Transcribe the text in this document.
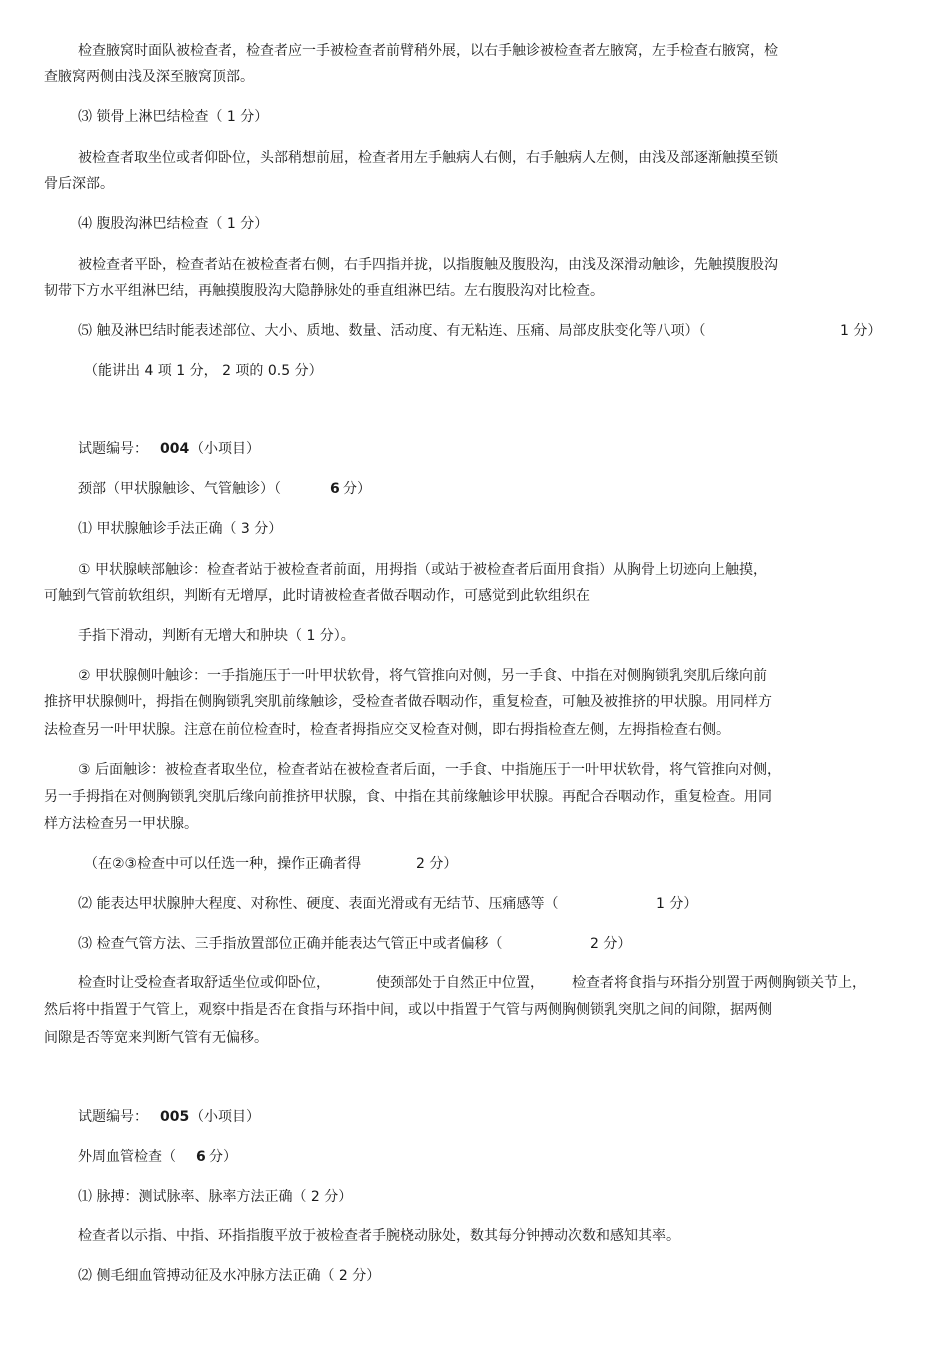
检查腋窝时面队被检查者，检查者应一手被检查者前臂稍外展，以右手触诊被检查者左腋窝，左手检查右腋窝，检
查腋窝两侧由浅及深至腋窝顶部。
⑶ 锁骨上淋巴结检查（ 1 分）
被检查者取坐位或者仰卧位，头部稍想前屈，检查者用左手触病人右侧，右手触病人左侧，由浅及部逐渐触摸至锁
骨后深部。
⑷ 腹股沟淋巴结检查（ 1 分）
被检查者平卧，检查者站在被检查者右侧，右手四指并拢，以指腹触及腹股沟，由浅及深滑动触诊，先触摸腹股沟
韧带下方水平组淋巴结，再触摸腹股沟大隐静脉处的垂直组淋巴结。左右腹股沟对比检查。
⑸ 触及淋巴结时能表述部位、大小、质地、数量、活动度、有无粘连、压痛、局部皮肤变化等八项）（	1 分）
（能讲出 4 项 1 分， 2 项的 0.5 分）
试题编号： 004 （小项目）
颈部（甲状腺触诊、气管触诊）（	6 分）
⑴ 甲状腺触诊手法正确（ 3 分）
① 甲状腺峡部触诊：检查者站于被检查者前面，用拇指（或站于被检查者后面用食指）从胸骨上切迹向上触摸，
可触到气管前软组织，判断有无增厚，此时请被检查者做吞咽动作，可感觉到此软组织在
手指下滑动，判断有无增大和肿块（ 1 分）。
② 甲状腺侧叶触诊：一手指施压于一叶甲状软骨，将气管推向对侧，另一手食、中指在对侧胸锁乳突肌后缘向前
推挤甲状腺侧叶，拇指在侧胸锁乳突肌前缘触诊，受检查者做吞咽动作，重复检查，可触及被推挤的甲状腺。用同样方
法检查另一叶甲状腺。注意在前位检查时，检查者拇指应交叉检查对侧，即右拇指检查左侧，左拇指检查右侧。
③ 后面触诊：被检查者取坐位，检查者站在被检查者后面，一手食、中指施压于一叶甲状软骨，将气管推向对侧，
另一手拇指在对侧胸锁乳突肌后缘向前推挤甲状腺，食、中指在其前缘触诊甲状腺。再配合吞咽动作，重复检查。用同
样方法检查另一甲状腺。
（在②③检查中可以任选一种，操作正确者得	2 分）
⑵ 能表达甲状腺肿大程度、对称性、硬度、表面光滑或有无结节、压痛感等（	1 分）
⑶ 检查气管方法、三手指放置部位正确并能表达气管正中或者偏移（	2 分）
检查时让受检查者取舒适坐位或仰卧位，	使颈部处于自然正中位置， 检查者将食指与环指分别置于两侧胸锁关节上，
然后将中指置于气管上，观察中指是否在食指与环指中间，或以中指置于气管与两侧胸侧锁乳突肌之间的间隙，据两侧
间隙是否等宽来判断气管有无偏移。
试题编号： 005 （小项目）
外周血管检查（ 6 分）
⑴ 脉搏：测试脉率、脉率方法正确（ 2 分）
检查者以示指、中指、环指指腹平放于被检查者手腕桡动脉处，数其每分钟搏动次数和感知其率。
⑵ 侧毛细血管搏动征及水冲脉方法正确（ 2 分）
